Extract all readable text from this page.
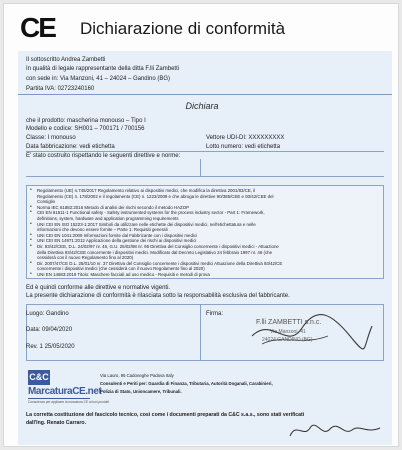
CE Dichiarazione di conformità
Il sottoscritto Andrea Zambetti
In qualità di legale rappresentante della ditta F.lli Zambetti
con sede in: Via Manzoni, 41 – 24024 – Gandino (BG)
Partita IVA: 02723240160
Dichiara
che il prodotto: mascherina monouso – Tipo I
Modello e codice: SH001 – 700171 / 700156
Classe: I monouso	Vettore UDI-DI: XXXXXXXXX
Data fabbricazione: vedi etichetta	Lotto numero: vedi etichetta
E' stato costruito rispettando le seguenti direttive e norme:
Ed è quindi conforme alle direttive e normative vigenti.
La presente dichiarazione di conformità è rilasciata sotto la responsabilità esclusiva del fabbricante.
Luogo: Gandino
Data: 09/04/2020
Firma:
F.lli ZAMBETTI s.n.c.
Via Manzoni, 41
24024 GANDINO (BG)
Rev. 1 25/05/2020
C&C
MarcaturaCE.net
Consulenza per applicare la marcatura CE ai tuoi prodotti
Via Lauro, 95 Cadoneghe Padova Italy
Consulenti e Periti per: Guardia di Finanza, Tributaria, Autorità Doganali, Carabinieri,
Polizia di Stato, Unioncamere, Tribunali.
La corretta costituzione del fascicolo tecnico, così come i documenti preparati da C&C s.a.s., sono stati verificati
dall'Ing. Renato Carraro.
• Regolamento (UE) n.745/2017 Regolamento relativo ai dispositivi medici, che modifica la direttiva 2001/83/CE, il
Regolamento (CE) n. 178/2002 e il regolamento (CE) n. 1223/2009 e che abroga le direttive 90/385/CEE e 93/42/CEE del
Consiglio
• Norma IEC 61882:2016 Metodo di analisi dei rischi secondo il metodo HAZOP
• CEI EN 61511-1 Functional safety - Safety instrumented systems for the process industry sector - Part 1: Framework,
definitions, system, hardware and application programming requirements
• UNI CEI EN ISO 15223-1:2017 Simboli da utilizzare nelle etichette dei dispositivi medici, nell'etichettatura e nelle
informazioni che devono essere fornite – Parte 1: Requisiti generali
• UNI CEI EN 1041:2009 Informazioni fornite dal Fabbricante con i dispositivi medici
• UNI CEI EN 14971:2012 Applicazione della gestione dei rischi ai dispositivi medici
• Dir. 93/42/CEE, D.L. 24/02/97 nr. 46, G.U. 25/02/98 nr. 95 Direttiva del Consiglio concernente i dispositivi medici - Attuazione
della Direttiva 93/42/CEE concernente i dispositivi medici. Modificato dal Decreto Legislativo 24 febbraio 1997 nr. 46 (che
cessiderà con il nuovo Regolamento fino al 2020)
• Dir. 2007/47/CE D.L. 25/01/10 nr. 37 Direttiva del Consiglio concernente i dispositivi medici Attuazione della Direttiva 93/42/CE
concernente i dispositivi medici (che cessiderà con il nuovo Regolamento fino al 2020)
• UNI EN 14683:2019 Titolo: Maschere facciali ad uso medico - Requisiti e metodi di prova
